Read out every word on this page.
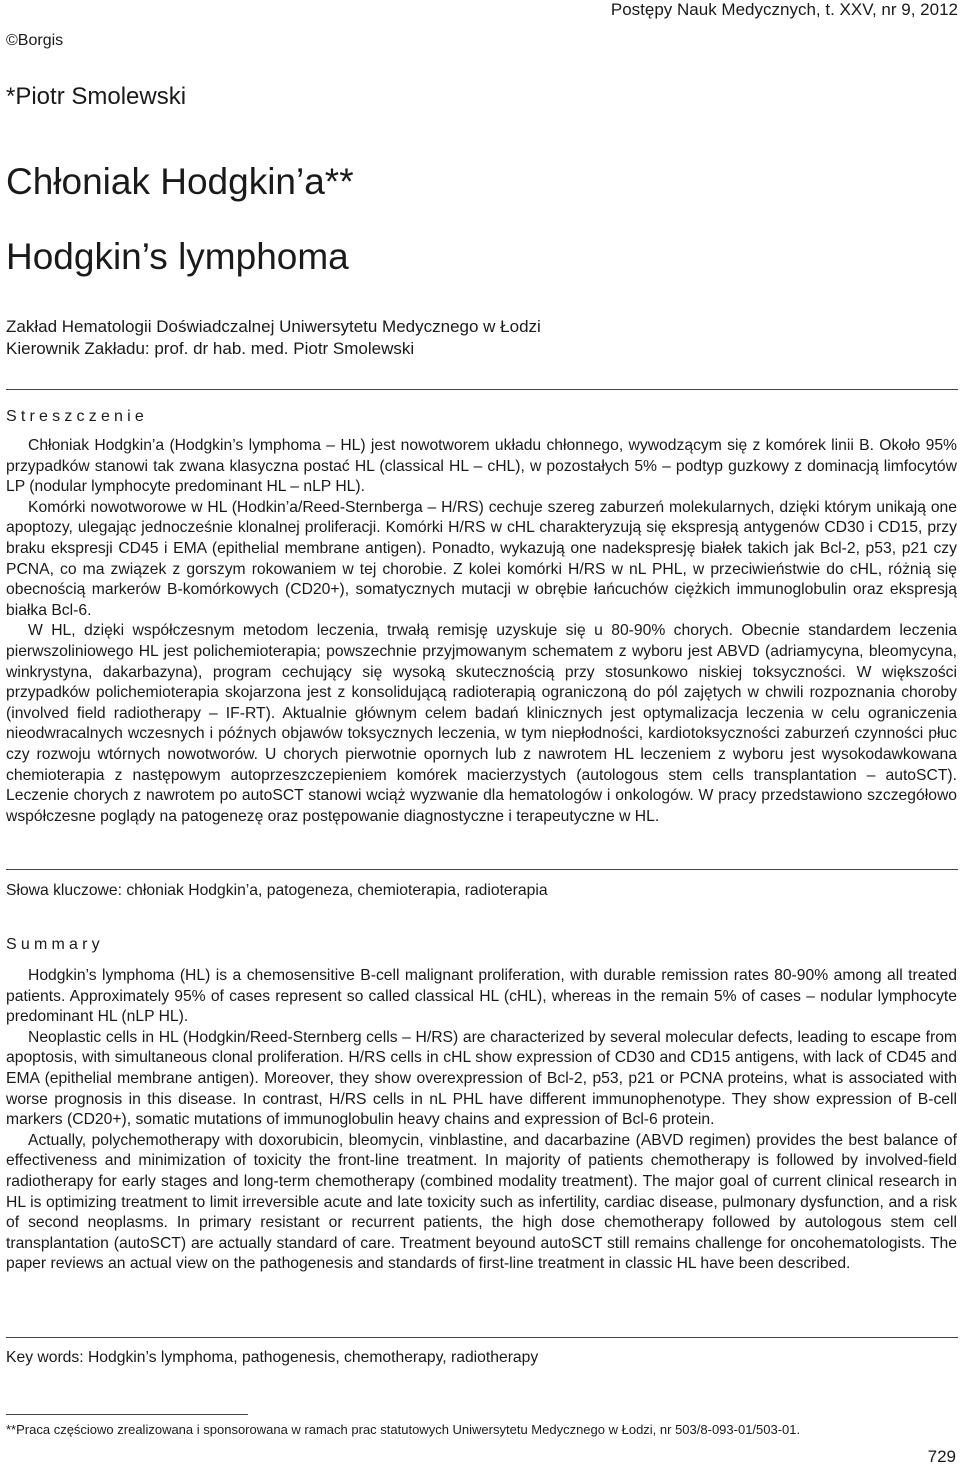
Postępy Nauk Medycznych, t. XXV, nr 9, 2012
©Borgis
*Piotr Smolewski
Chłoniak Hodgkin’a**
Hodgkin’s lymphoma
Zakład Hematologii Doświadczalnej Uniwersytetu Medycznego w Łodzi
Kierownik Zakładu: prof. dr hab. med. Piotr Smolewski
Streszczenie

Chłoniak Hodgkin’a (Hodgkin’s lymphoma – HL) jest nowotworem układu chłonnego, wywodzącym się z komórek linii B. Około 95% przypadków stanowi tak zwana klasyczna postać HL (classical HL – cHL), w pozostałych 5% – podtyp guzkowy z dominacją limfocytów LP (nodular lymphocyte predominant HL – nLP HL).

Komórki nowotworowe w HL (Hodkin’a/Reed-Sternberga – H/RS) cechuje szereg zaburzeń molekularnych, dzięki którym unikają one apoptozy, ulegając jednocześnie klonalnej proliferacji. Komórki H/RS w cHL charakteryzują się ekspresją antygenów CD30 i CD15, przy braku ekspresji CD45 i EMA (epithelial membrane antigen). Ponadto, wykazują one nadekspresję białek takich jak Bcl-2, p53, p21 czy PCNA, co ma związek z gorszym rokowaniem w tej chorobie. Z kolei komórki H/RS w nL PHL, w przeciwieństwie do cHL, różnią się obecnością markerów B-komórkowych (CD20+), somatycznych mutacji w obrębie łańcuchów ciężkich immunoglobulin oraz ekspresją białka Bcl-6.

W HL, dzięki współczesnym metodom leczenia, trwałą remisję uzyskuje się u 80-90% chorych. Obecnie standardem leczenia pierwszoliniowego HL jest polichemioterapia; powszechnie przyjmowanym schematem z wyboru jest ABVD (adriamycyna, bleomycyna, winkrystyna, dakarbazyna), program cechujący się wysoką skutecznością przy stosunkowo niskiej toksyczności. W większości przypadków polichemioterapia skojarzona jest z konsolidującą radioterapią ograniczoną do pól zajętych w chwili rozpoznania choroby (involved field radiotherapy – IF-RT). Aktualnie głównym celem badań klinicznych jest optymalizacja leczenia w celu ograniczenia nieodwracalnych wczesnych i późnych objawów toksycznych leczenia, w tym niepłodności, kardiotoksyczności zaburzeń czynności płuc czy rozwoju wtórnych nowotworów. U chorych pierwotnie opornych lub z nawrotem HL leczeniem z wyboru jest wysokodawkowana chemioterapia z następowym autoprzeszczepieniem komórek macierzystych (autologous stem cells transplantation – autoSCT). Leczenie chorych z nawrotem po autoSCT stanowi wciąż wyzwanie dla hematologów i onkologów. W pracy przedstawiono szczegółowo współczesne poglądy na patogenezę oraz postępowanie diagnostyczne i terapeutyczne w HL.

Słowa kluczowe: chłoniak Hodgkin’a, patogeneza, chemioterapia, radioterapia
Summary

Hodgkin’s lymphoma (HL) is a chemosensitive B-cell malignant proliferation, with durable remission rates 80-90% among all treated patients. Approximately 95% of cases represent so called classical HL (cHL), whereas in the remain 5% of cases – nodular lymphocyte predominant HL (nLP HL).

Neoplastic cells in HL (Hodgkin/Reed-Sternberg cells – H/RS) are characterized by several molecular defects, leading to escape from apoptosis, with simultaneous clonal proliferation. H/RS cells in cHL show expression of CD30 and CD15 antigens, with lack of CD45 and EMA (epithelial membrane antigen). Moreover, they show overexpression of Bcl-2, p53, p21 or PCNA proteins, what is associated with worse prognosis in this disease. In contrast, H/RS cells in nL PHL have different immunophenotype. They show expression of B-cell markers (CD20+), somatic mutations of immunoglobulin heavy chains and expression of Bcl-6 protein.

Actually, polychemotherapy with doxorubicin, bleomycin, vinblastine, and dacarbazine (ABVD regimen) provides the best balance of effectiveness and minimization of toxicity the front-line treatment. In majority of patients chemotherapy is followed by involved-field radiotherapy for early stages and long-term chemotherapy (combined modality treatment). The major goal of current clinical research in HL is optimizing treatment to limit irreversible acute and late toxicity such as infertility, cardiac disease, pulmonary dysfunction, and a risk of second neoplasms. In primary resistant or recurrent patients, the high dose chemotherapy followed by autologous stem cell transplantation (autoSCT) are actually standard of care. Treatment beyound autoSCT still remains challenge for oncohematologists. The paper reviews an actual view on the pathogenesis and standards of first-line treatment in classic HL have been described.

Key words: Hodgkin’s lymphoma, pathogenesis, chemotherapy, radiotherapy
**Praca częściowo zrealizowana i sponsorowana w ramach prac statutowych Uniwersytetu Medycznego w Łodzi, nr 503/8-093-01/503-01.
729
